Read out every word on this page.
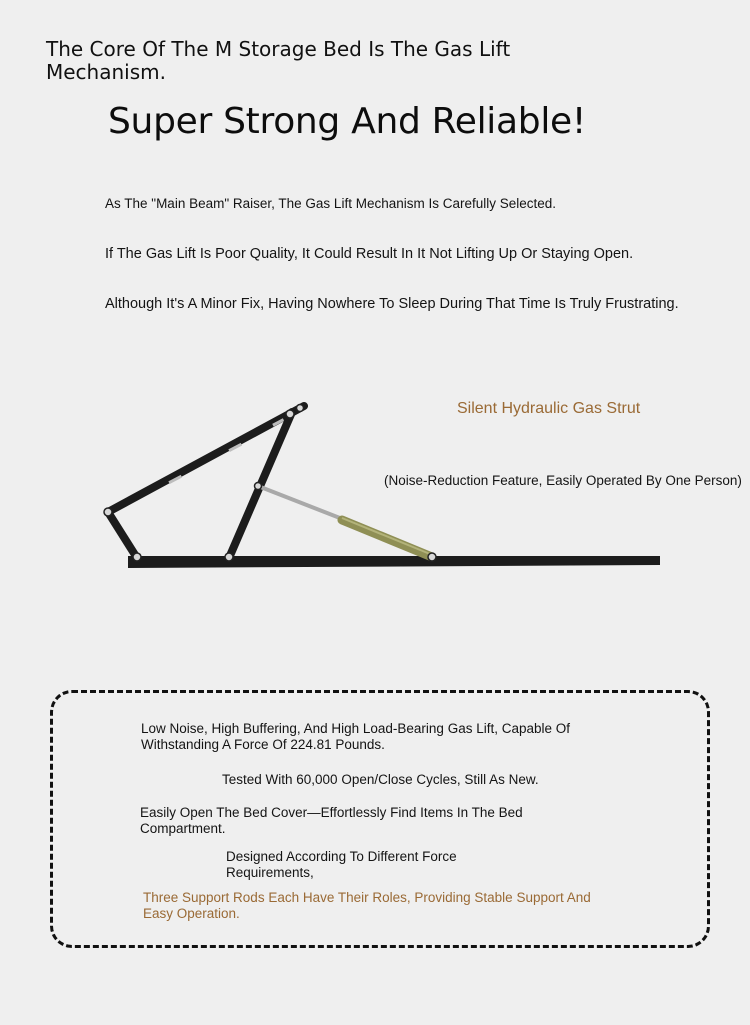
The Core Of The M Storage Bed Is The Gas Lift Mechanism.
Super Strong And Reliable!
As The "Main Beam" Raiser, The Gas Lift Mechanism Is Carefully Selected.
If The Gas Lift Is Poor Quality, It Could Result In It Not Lifting Up Or Staying Open.
Although It's A Minor Fix, Having Nowhere To Sleep During That Time Is Truly Frustrating.
Silent Hydraulic Gas Strut
(Noise-Reduction Feature, Easily Operated By One Person)
Low Noise, High Buffering, And High Load-Bearing Gas Lift, Capable Of Withstanding A Force Of 224.81 Pounds.
Tested With 60,000 Open/Close Cycles, Still As New.
Easily Open The Bed Cover—Effortlessly Find Items In The Bed Compartment.
Designed According To Different Force Requirements,
Three Support Rods Each Have Their Roles, Providing Stable Support And Easy Operation.
